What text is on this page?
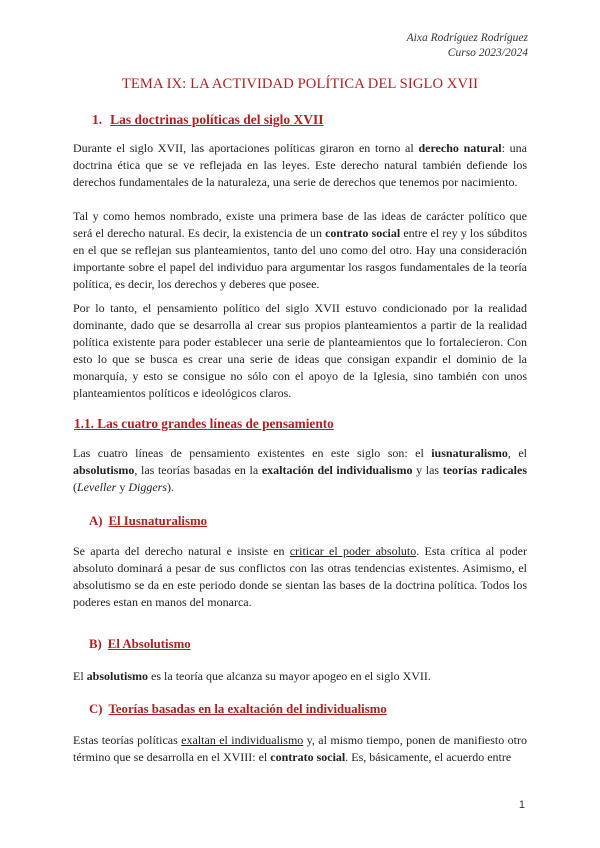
Aixa Rodríguez Rodríguez
Curso 2023/2024
TEMA IX: LA ACTIVIDAD POLÍTICA DEL SIGLO XVII
1. Las doctrinas políticas del siglo XVII

Durante el siglo XVII, las aportaciones políticas giraron en torno al derecho natural: una doctrina ética que se ve reflejada en las leyes. Este derecho natural también defiende los derechos fundamentales de la naturaleza, una serie de derechos que tenemos por nacimiento.

Tal y como hemos nombrado, existe una primera base de las ideas de carácter político que será el derecho natural. Es decir, la existencia de un contrato social entre el rey y los súbditos en el que se reflejan sus planteamientos, tanto del uno como del otro. Hay una consideración importante sobre el papel del individuo para argumentar los rasgos fundamentales de la teoría política, es decir, los derechos y deberes que posee.

Por lo tanto, el pensamiento político del siglo XVII estuvo condicionado por la realidad dominante, dado que se desarrolla al crear sus propios planteamientos a partir de la realidad política existente para poder establecer una serie de planteamientos que lo fortalecieron. Con esto lo que se busca es crear una serie de ideas que consigan expandir el dominio de la monarquía, y esto se consigue no sólo con el apoyo de la Iglesia, sino también con unos planteamientos políticos e ideológicos claros.

1.1. Las cuatro grandes líneas de pensamiento

Las cuatro líneas de pensamiento existentes en este siglo son: el iusnaturalismo, el absolutismo, las teorías basadas en la exaltación del individualismo y las teorías radicales (Leveller y Diggers).

A) El Iusnaturalismo

Se aparta del derecho natural e insiste en criticar el poder absoluto. Esta crítica al poder absoluto dominará a pesar de sus conflictos con las otras tendencias existentes. Asimismo, el absolutismo se da en este periodo donde se sientan las bases de la doctrina política. Todos los poderes estan en manos del monarca.

B) El Absolutismo

El absolutismo es la teoría que alcanza su mayor apogeo en el siglo XVII.

C) Teorías basadas en la exaltación del individualismo

Estas teorías políticas exaltan el individualismo y, al mismo tiempo, ponen de manifiesto otro término que se desarrolla en el XVIII: el contrato social. Es, básicamente, el acuerdo entre

1
